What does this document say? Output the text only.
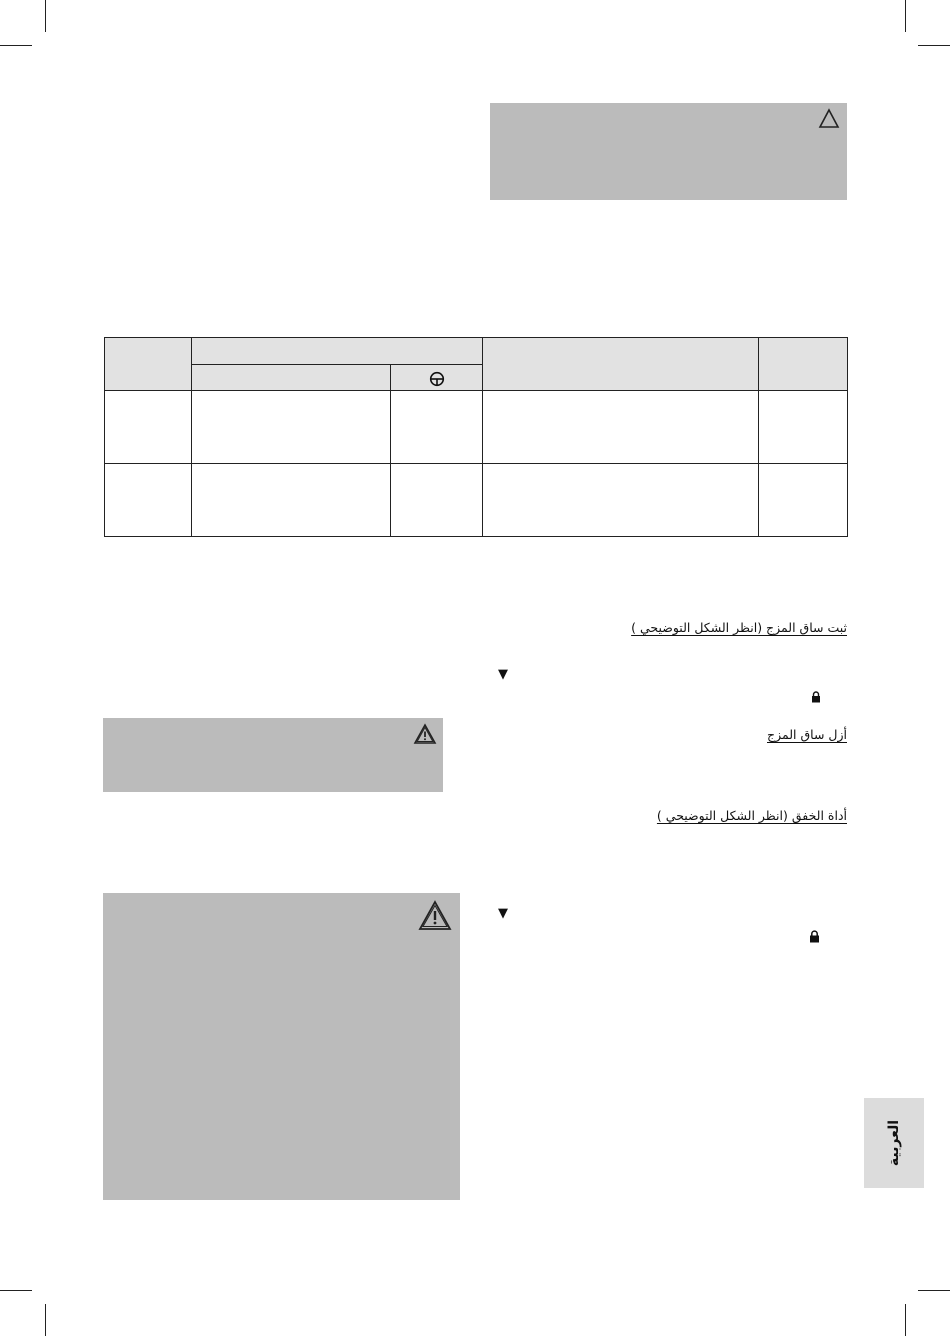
ثبت ساق المزج (انظر الشكل التوضيحي )
▼
أزل ساق المزج
أداة الخفق (انظر الشكل التوضيحي )
▼
العربية
